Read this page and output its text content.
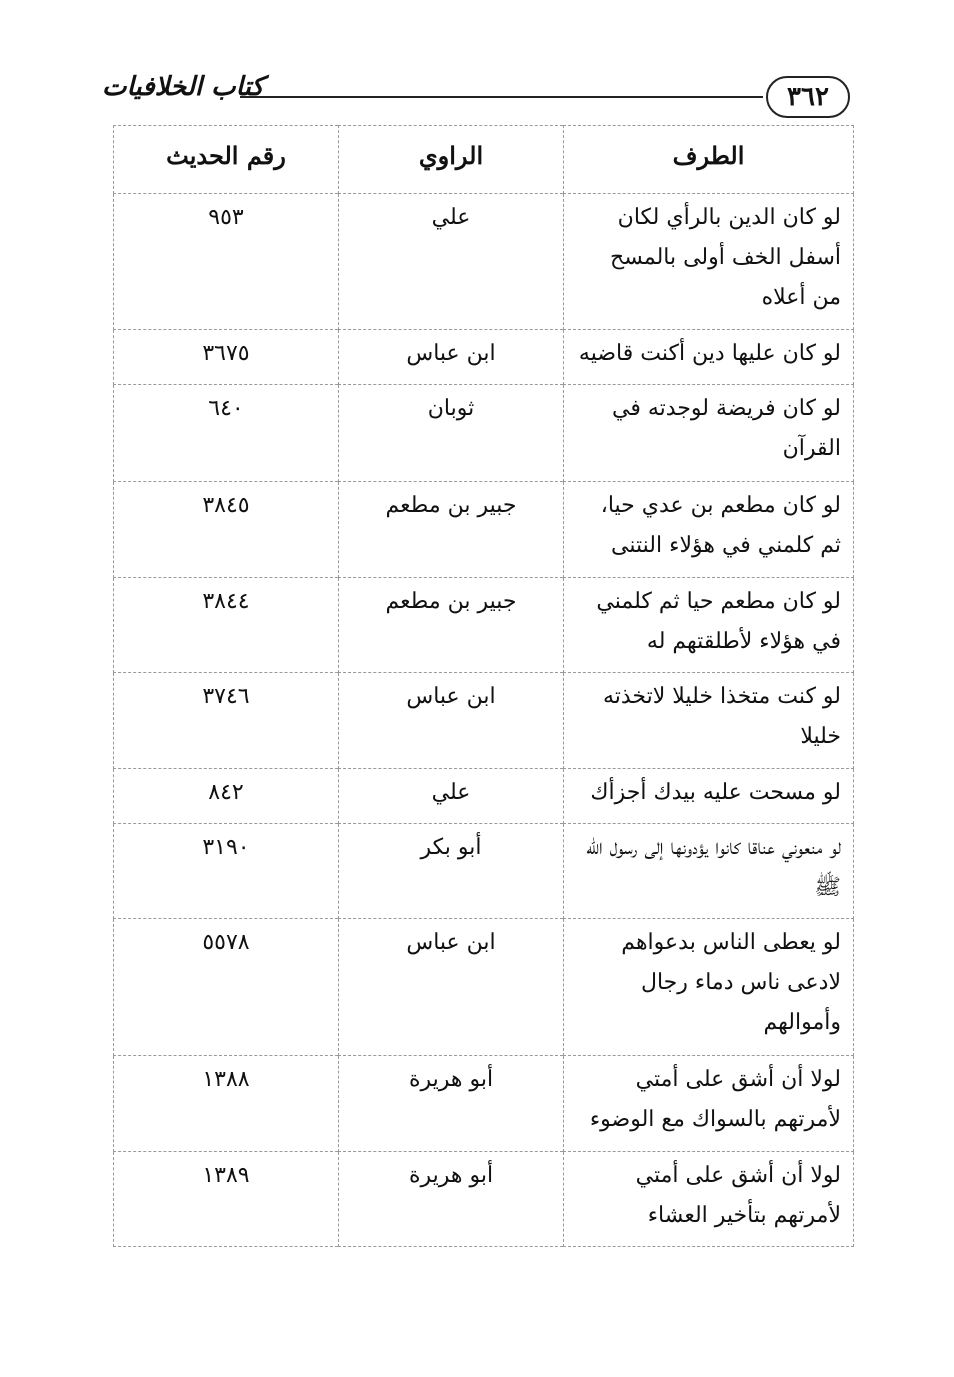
٣٦٢
كتاب الخلافيات
الطرف	الراوي	رقم الحديث
لو كان الدين بالرأي لكان أسفل الخف أولى بالمسح من أعلاه	علي	٩٥٣
لو كان عليها دين أكنت قاضيه	ابن عباس	٣٦٧٥
لو كان فريضة لوجدته في القرآن	ثوبان	٦٤٠
لو كان مطعم بن عدي حيا، ثم كلمني في هؤلاء النتنى	جبير بن مطعم	٣٨٤٥
لو كان مطعم حيا ثم كلمني في هؤلاء لأطلقتهم له	جبير بن مطعم	٣٨٤٤
لو كنت متخذا خليلا لاتخذته خليلا	ابن عباس	٣٧٤٦
لو مسحت عليه بيدك أجزأك	علي	٨٤٢
لو منعوني عناقا كانوا يؤدونها إلى رسول الله ﷺ	أبو بكر	٣١٩٠
لو يعطى الناس بدعواهم لادعى ناس دماء رجال وأموالهم	ابن عباس	٥٥٧٨
لولا أن أشق على أمتي لأمرتهم بالسواك مع الوضوء	أبو هريرة	١٣٨٨
لولا أن أشق على أمتي لأمرتهم بتأخير العشاء	أبو هريرة	١٣٨٩
